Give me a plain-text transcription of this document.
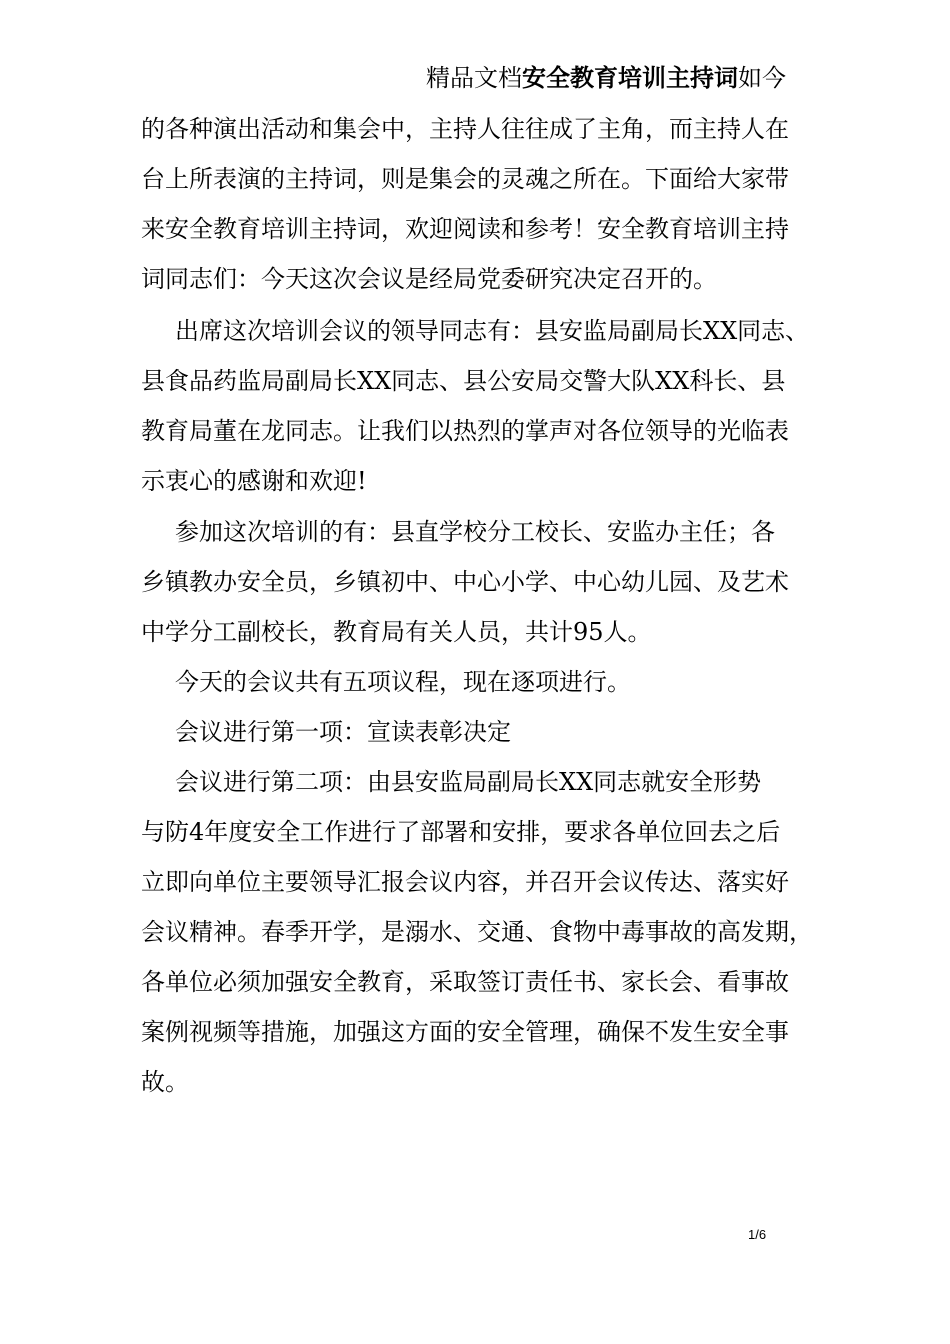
精品文档安全教育培训主持词如今
的各种演出活动和集会中，主持人往往成了主角，而主持人在
台上所表演的主持词，则是集会的灵魂之所在。下面给大家带
来安全教育培训主持词，欢迎阅读和参考！安全教育培训主持
词同志们：今天这次会议是经局党委研究决定召开的。
出席这次培训会议的领导同志有：县安监局副局长XX同志、
县食品药监局副局长XX同志、县公安局交警大队XX科长、县
教育局董在龙同志。让我们以热烈的掌声对各位领导的光临表
示衷心的感谢和欢迎!
参加这次培训的有：县直学校分工校长、安监办主任；各
乡镇教办安全员，乡镇初中、中心小学、中心幼儿园、及艺术
中学分工副校长，教育局有关人员，共计95人。
今天的会议共有五项议程，现在逐项进行。
会议进行第一项：宣读表彰决定
会议进行第二项：由县安监局副局长XX同志就安全形势
与防4年度安全工作进行了部署和安排，要求各单位回去之后
立即向单位主要领导汇报会议内容，并召开会议传达、落实好
会议精神。春季开学，是溺水、交通、食物中毒事故的高发期，
各单位必须加强安全教育，采取签订责任书、家长会、看事故
案例视频等措施，加强这方面的安全管理，确保不发生安全事
故。
1/6
